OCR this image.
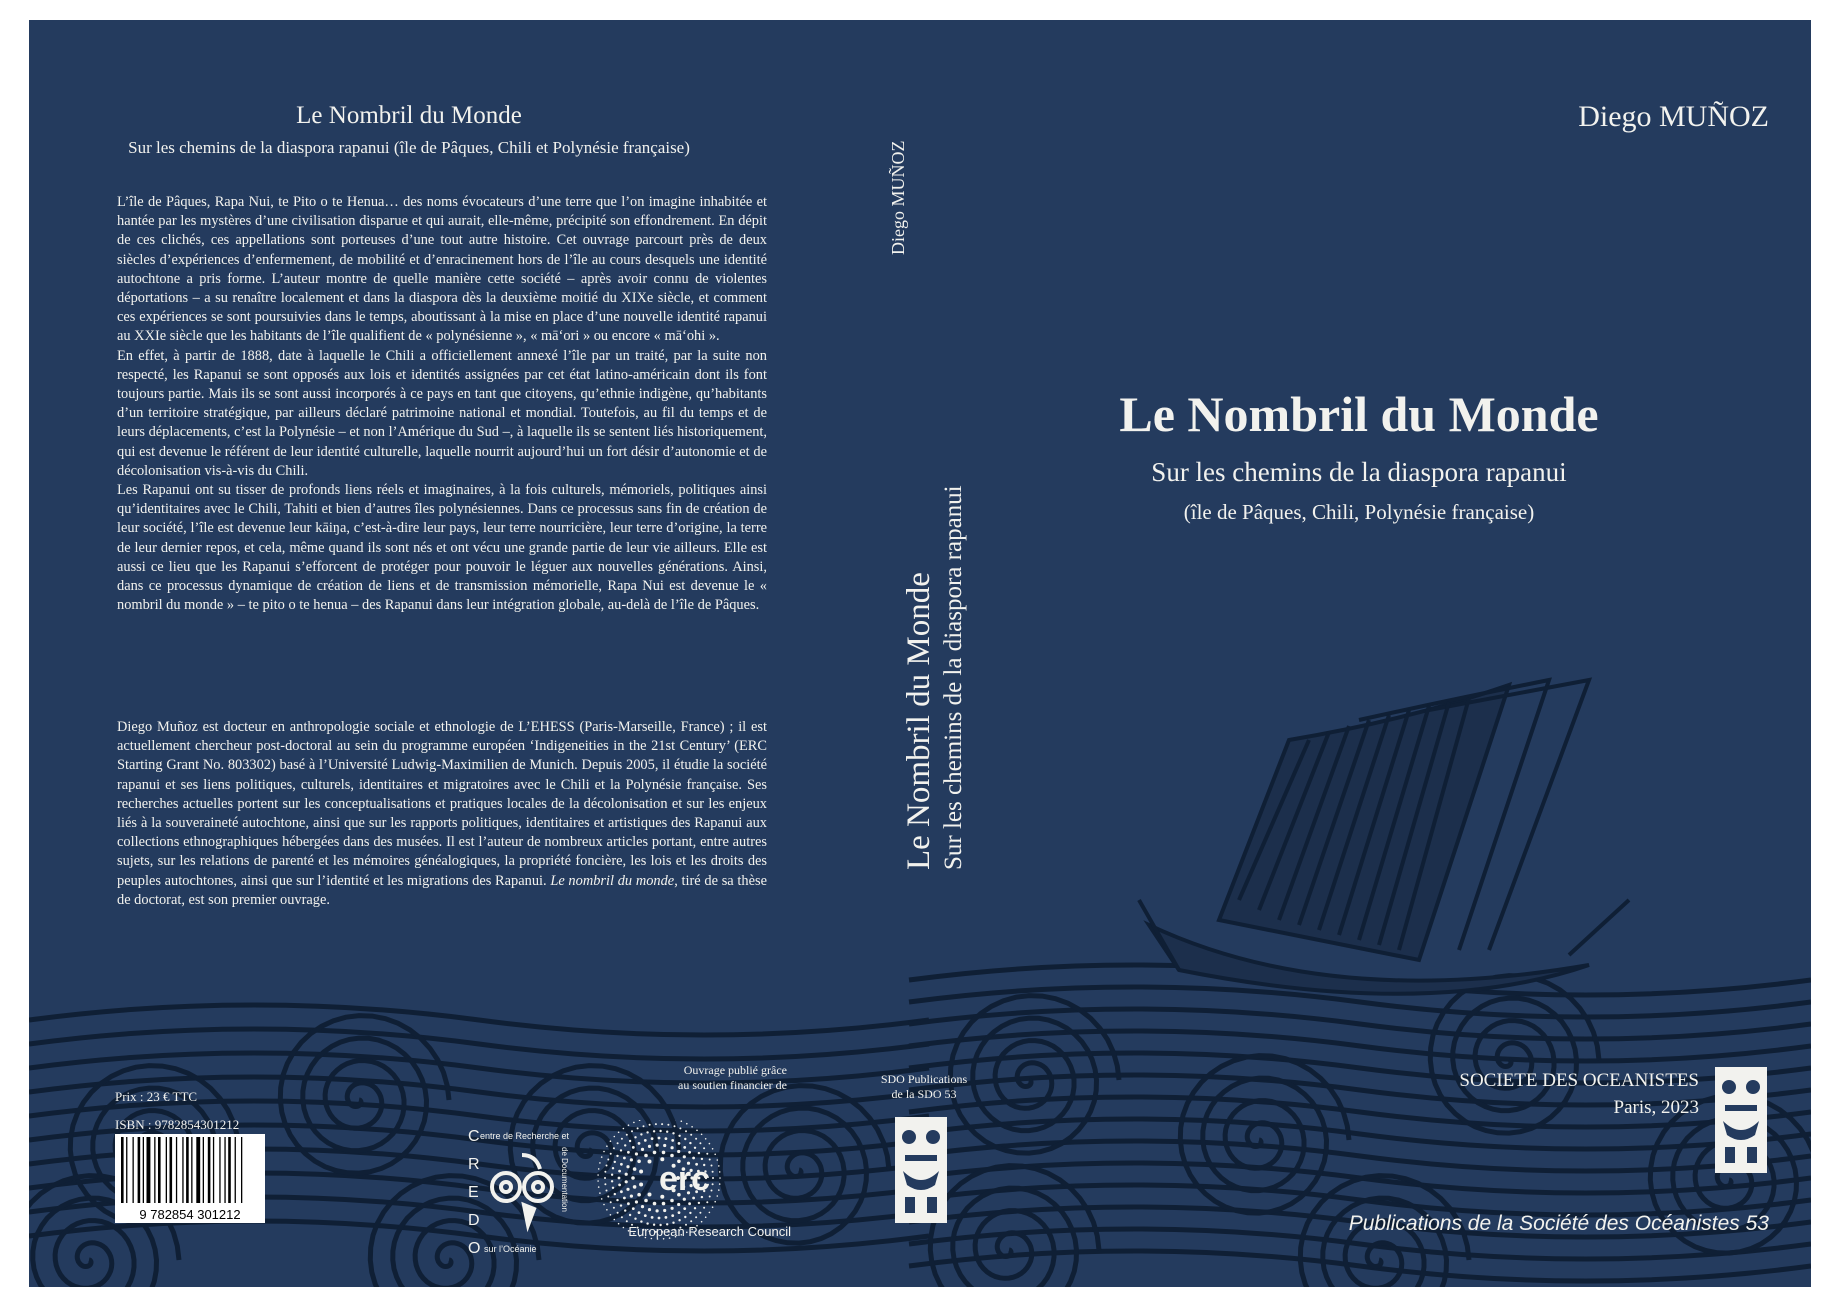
Le Nombril du Monde
Sur les chemins de la diaspora rapanui (île de Pâques, Chili et Polynésie française)

L’île de Pâques, Rapa Nui, te Pito o te Henua… des noms évocateurs d’une terre que l’on imagine inhabitée et hantée par les mystères d’une civilisation disparue et qui aurait, elle-même, précipité son effondrement. En dépit de ces clichés, ces appellations sont porteuses d’une tout autre histoire. Cet ouvrage parcourt près de deux siècles d’expériences d’enfermement, de mobilité et d’enracinement hors de l’île au cours desquels une identité autochtone a pris forme. L’auteur montre de quelle manière cette société – après avoir connu de violentes déportations – a su renaître localement et dans la diaspora dès la deuxième moitié du XIXe siècle, et comment ces expériences se sont poursuivies dans le temps, aboutissant à la mise en place d’une nouvelle identité rapanui au XXIe siècle que les habitants de l’île qualifient de « polynésienne », « mā‘ori » ou encore « mā‘ohi ».

En effet, à partir de 1888, date à laquelle le Chili a officiellement annexé l’île par un traité, par la suite non respecté, les Rapanui se sont opposés aux lois et identités assignées par cet état latino-américain dont ils font toujours partie. Mais ils se sont aussi incorporés à ce pays en tant que citoyens, qu’ethnie indigène, qu’habitants d’un territoire stratégique, par ailleurs déclaré patrimoine national et mondial. Toutefois, au fil du temps et de leurs déplacements, c’est la Polynésie – et non l’Amérique du Sud –, à laquelle ils se sentent liés historiquement, qui est devenue le référent de leur identité culturelle, laquelle nourrit aujourd’hui un fort désir d’autonomie et de décolonisation vis-à-vis du Chili.

Les Rapanui ont su tisser de profonds liens réels et imaginaires, à la fois culturels, mémoriels, politiques ainsi qu’identitaires avec le Chili, Tahiti et bien d’autres îles polynésiennes. Dans ce processus sans fin de création de leur société, l’île est devenue leur kāiŋa, c’est-à-dire leur pays, leur terre nourricière, leur terre d’origine, la terre de leur dernier repos, et cela, même quand ils sont nés et ont vécu une grande partie de leur vie ailleurs. Elle est aussi ce lieu que les Rapanui s’efforcent de protéger pour pouvoir le léguer aux nouvelles générations. Ainsi, dans ce processus dynamique de création de liens et de transmission mémorielle, Rapa Nui est devenue le « nombril du monde » – te pito o te henua – des Rapanui dans leur intégration globale, au-delà de l’île de Pâques.

Diego Muñoz est docteur en anthropologie sociale et ethnologie de L’EHESS (Paris-Marseille, France) ; il est actuellement chercheur post-doctoral au sein du programme européen ‘Indigeneities in the 21st Century’ (ERC Starting Grant No. 803302) basé à l’Université Ludwig-Maximilien de Munich. Depuis 2005, il étudie la société rapanui et ses liens politiques, culturels, identitaires et migratoires avec le Chili et la Polynésie française. Ses recherches actuelles portent sur les conceptualisations et pratiques locales de la décolonisation et sur les enjeux liés à la souveraineté autochtone, ainsi que sur les rapports politiques, identitaires et artistiques des Rapanui aux collections ethnographiques hébergées dans des musées. Il est l’auteur de nombreux articles portant, entre autres sujets, sur les relations de parenté et les mémoires généalogiques, la propriété foncière, les lois et les droits des peuples autochtones, ainsi que sur l’identité et les migrations des Rapanui. Le nombril du monde, tiré de sa thèse de doctorat, est son premier ouvrage.

Prix : 23 € TTC
ISBN : 9782854301212
9 782854 301212
Ouvrage publié grâce
au soutien financier de
C
R
E
D
O
entre de Recherche et
sur l’Océanie
de Documentation	erc
European Research Council
Diego MUÑOZ
Le Nombril du Monde Sur les chemins de la diaspora rapanui
SDO Publications
de la SDO 53
Diego MUÑOZ
Le Nombril du Monde
Sur les chemins de la diaspora rapanui
(île de Pâques, Chili, Polynésie française)
SOCIETE DES OCEANISTES
Paris, 2023
Publications de la Société des Océanistes 53
